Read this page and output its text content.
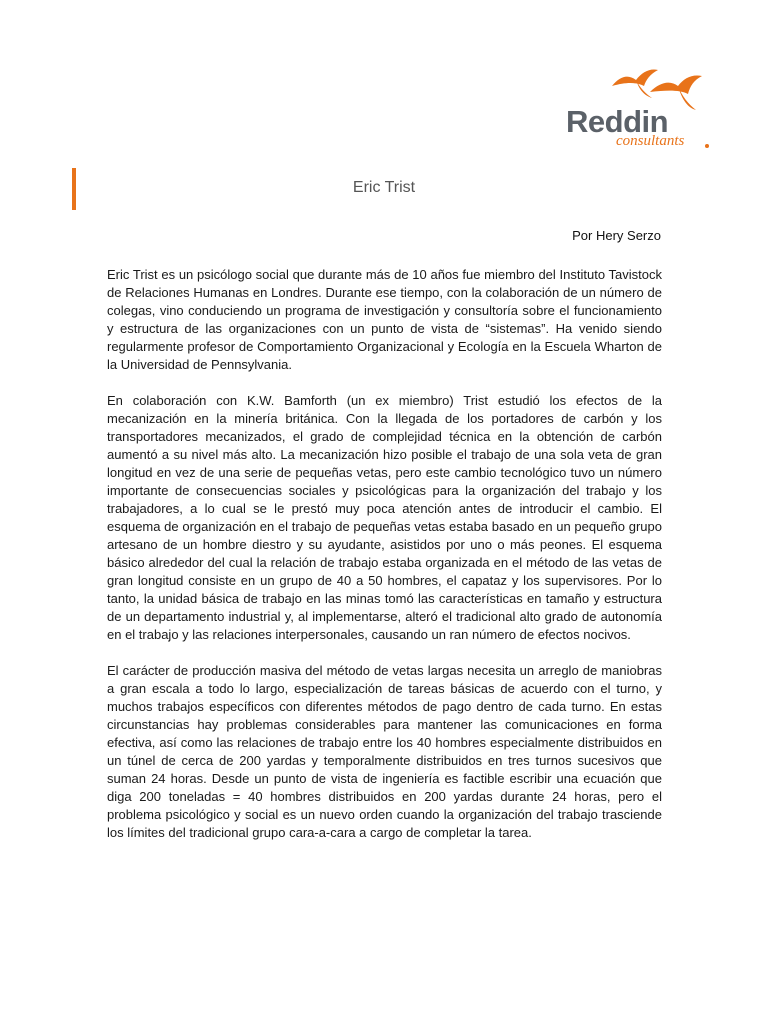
Reddin
consultants
Eric Trist
Por Hery Serzo

Eric Trist es un psicólogo social que durante más de 10 años fue miembro del Instituto Tavistock de Relaciones Humanas en Londres. Durante ese tiempo, con la colaboración de un número de colegas, vino conduciendo un programa de investigación y consultoría sobre el funcionamiento y estructura de las organizaciones con un punto de vista de “sistemas”. Ha venido siendo regularmente profesor de Comportamiento Organizacional y Ecología en la Escuela Wharton de la Universidad de Pennsylvania.

En colaboración con K.W. Bamforth (un ex miembro) Trist estudió los efectos de la mecanización en la minería británica. Con la llegada de los portadores de carbón y los transportadores mecanizados, el grado de complejidad técnica en la obtención de carbón aumentó a su nivel más alto. La mecanización hizo posible el trabajo de una sola veta de gran longitud en vez de una serie de pequeñas vetas, pero este cambio tecnológico tuvo un número importante de consecuencias sociales y psicológicas para la organización del trabajo y los trabajadores, a lo cual se le prestó muy poca atención antes de introducir el cambio. El esquema de organización en el trabajo de pequeñas vetas estaba basado en un pequeño grupo artesano de un hombre diestro y su ayudante, asistidos por uno o más peones. El esquema básico alrededor del cual la relación de trabajo estaba organizada en el método de las vetas de gran longitud consiste en un grupo de 40 a 50 hombres, el capataz y los supervisores. Por lo tanto, la unidad básica de trabajo en las minas tomó las características en tamaño y estructura de un departamento industrial y, al implementarse, alteró el tradicional alto grado de autonomía en el trabajo y las relaciones interpersonales, causando un ran número de efectos nocivos.

El carácter de producción masiva del método de vetas largas necesita un arreglo de maniobras a gran escala a todo lo largo, especialización de tareas básicas de acuerdo con el turno, y muchos trabajos específicos con diferentes métodos de pago dentro de cada turno. En estas circunstancias hay problemas considerables para mantener las comunicaciones en forma efectiva, así como las relaciones de trabajo entre los 40 hombres especialmente distribuidos en un túnel de cerca de 200 yardas y temporalmente distribuidos en tres turnos sucesivos que suman 24 horas. Desde un punto de vista de ingeniería es factible escribir una ecuación que diga 200 toneladas = 40 hombres distribuidos en 200 yardas durante 24 horas, pero el problema psicológico y social es un nuevo orden cuando la organización del trabajo trasciende los límites del tradicional grupo cara-a-cara a cargo de completar la tarea.
